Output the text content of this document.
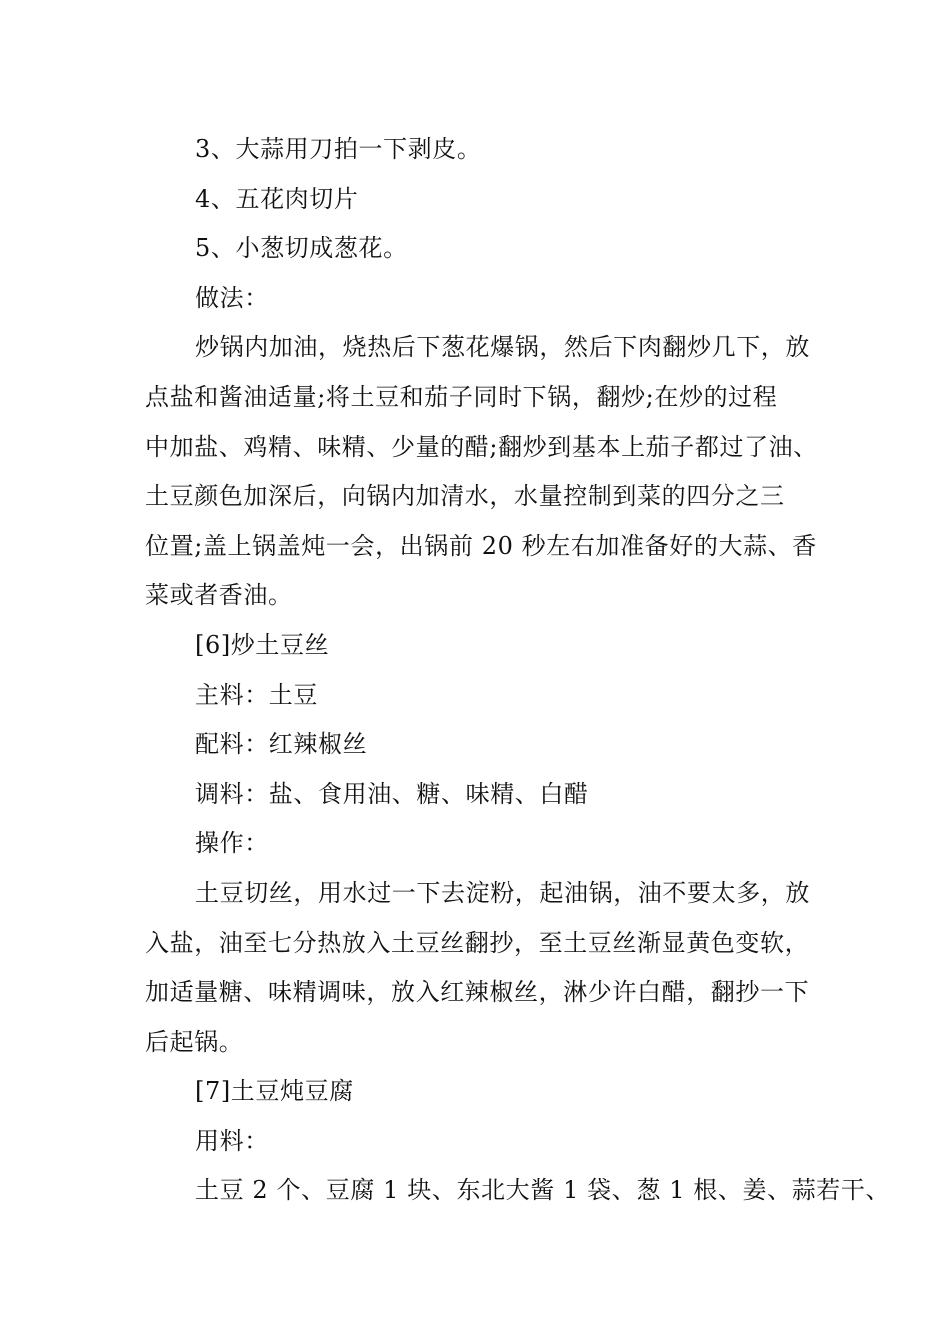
3、大蒜用刀拍一下剥皮。
4、五花肉切片
5、小葱切成葱花。
做法：
炒锅内加油，烧热后下葱花爆锅，然后下肉翻炒几下，放
点盐和酱油适量;将土豆和茄子同时下锅，翻炒;在炒的过程
中加盐、鸡精、味精、少量的醋;翻炒到基本上茄子都过了油、
土豆颜色加深后，向锅内加清水，水量控制到菜的四分之三
位置;盖上锅盖炖一会，出锅前 20 秒左右加准备好的大蒜、香
菜或者香油。
[6]炒土豆丝
主料：土豆
配料：红辣椒丝
调料：盐、食用油、糖、味精、白醋
操作：
土豆切丝，用水过一下去淀粉，起油锅，油不要太多，放
入盐，油至七分热放入土豆丝翻抄，至土豆丝渐显黄色变软，
加适量糖、味精调味，放入红辣椒丝，淋少许白醋，翻抄一下
后起锅。
[7]土豆炖豆腐
用料：
土豆 2 个、豆腐 1 块、东北大酱 1 袋、葱 1 根、姜、蒜若干、
